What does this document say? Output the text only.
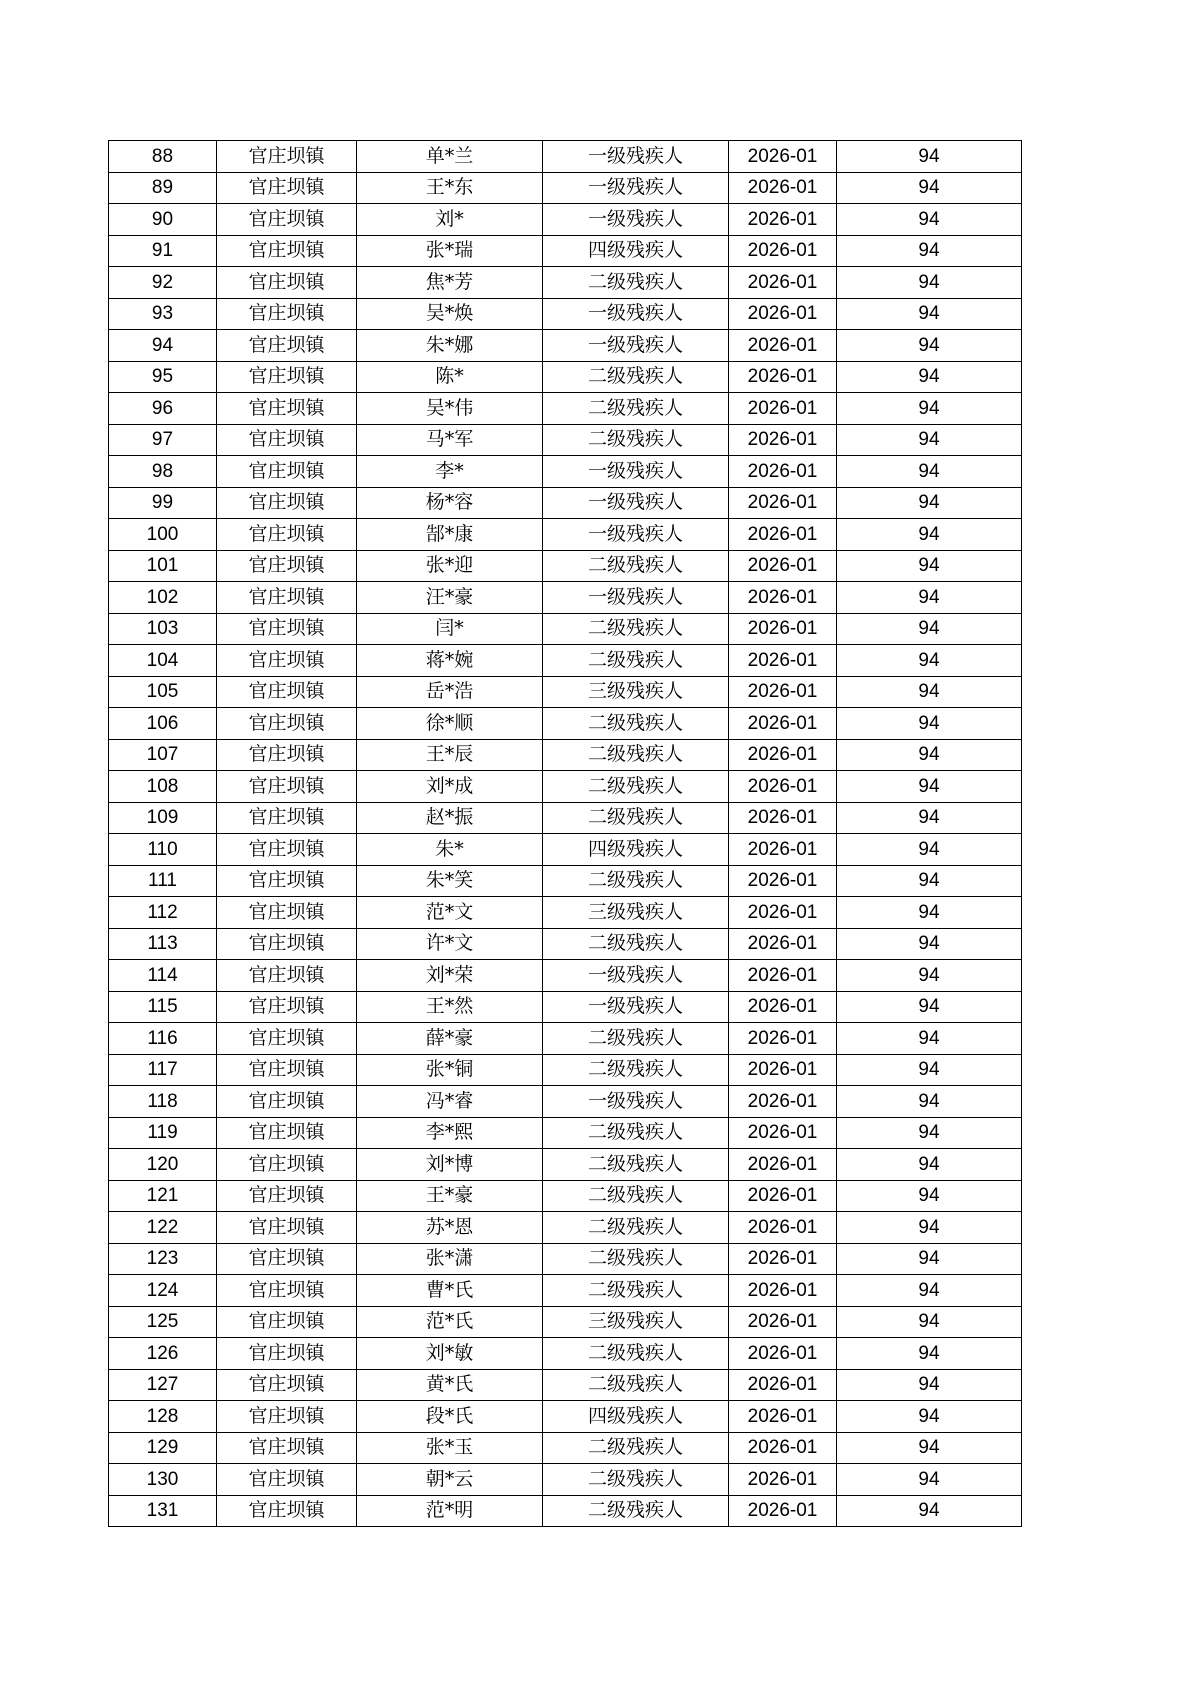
88	官庄坝镇	单*兰	一级残疾人	2026-01	94
89	官庄坝镇	王*东	一级残疾人	2026-01	94
90	官庄坝镇	刘*	一级残疾人	2026-01	94
91	官庄坝镇	张*瑞	四级残疾人	2026-01	94
92	官庄坝镇	焦*芳	二级残疾人	2026-01	94
93	官庄坝镇	吴*焕	一级残疾人	2026-01	94
94	官庄坝镇	朱*娜	一级残疾人	2026-01	94
95	官庄坝镇	陈*	二级残疾人	2026-01	94
96	官庄坝镇	吴*伟	二级残疾人	2026-01	94
97	官庄坝镇	马*军	二级残疾人	2026-01	94
98	官庄坝镇	李*	一级残疾人	2026-01	94
99	官庄坝镇	杨*容	一级残疾人	2026-01	94
100	官庄坝镇	郜*康	一级残疾人	2026-01	94
101	官庄坝镇	张*迎	二级残疾人	2026-01	94
102	官庄坝镇	汪*豪	一级残疾人	2026-01	94
103	官庄坝镇	闫*	二级残疾人	2026-01	94
104	官庄坝镇	蒋*婉	二级残疾人	2026-01	94
105	官庄坝镇	岳*浩	三级残疾人	2026-01	94
106	官庄坝镇	徐*顺	二级残疾人	2026-01	94
107	官庄坝镇	王*辰	二级残疾人	2026-01	94
108	官庄坝镇	刘*成	二级残疾人	2026-01	94
109	官庄坝镇	赵*振	二级残疾人	2026-01	94
110	官庄坝镇	朱*	四级残疾人	2026-01	94
111	官庄坝镇	朱*笑	二级残疾人	2026-01	94
112	官庄坝镇	范*文	三级残疾人	2026-01	94
113	官庄坝镇	许*文	二级残疾人	2026-01	94
114	官庄坝镇	刘*荣	一级残疾人	2026-01	94
115	官庄坝镇	王*然	一级残疾人	2026-01	94
116	官庄坝镇	薛*豪	二级残疾人	2026-01	94
117	官庄坝镇	张*铜	二级残疾人	2026-01	94
118	官庄坝镇	冯*睿	一级残疾人	2026-01	94
119	官庄坝镇	李*熙	二级残疾人	2026-01	94
120	官庄坝镇	刘*博	二级残疾人	2026-01	94
121	官庄坝镇	王*豪	二级残疾人	2026-01	94
122	官庄坝镇	苏*恩	二级残疾人	2026-01	94
123	官庄坝镇	张*潇	二级残疾人	2026-01	94
124	官庄坝镇	曹*氏	二级残疾人	2026-01	94
125	官庄坝镇	范*氏	三级残疾人	2026-01	94
126	官庄坝镇	刘*敏	二级残疾人	2026-01	94
127	官庄坝镇	黄*氏	二级残疾人	2026-01	94
128	官庄坝镇	段*氏	四级残疾人	2026-01	94
129	官庄坝镇	张*玉	二级残疾人	2026-01	94
130	官庄坝镇	朝*云	二级残疾人	2026-01	94
131	官庄坝镇	范*明	二级残疾人	2026-01	94
